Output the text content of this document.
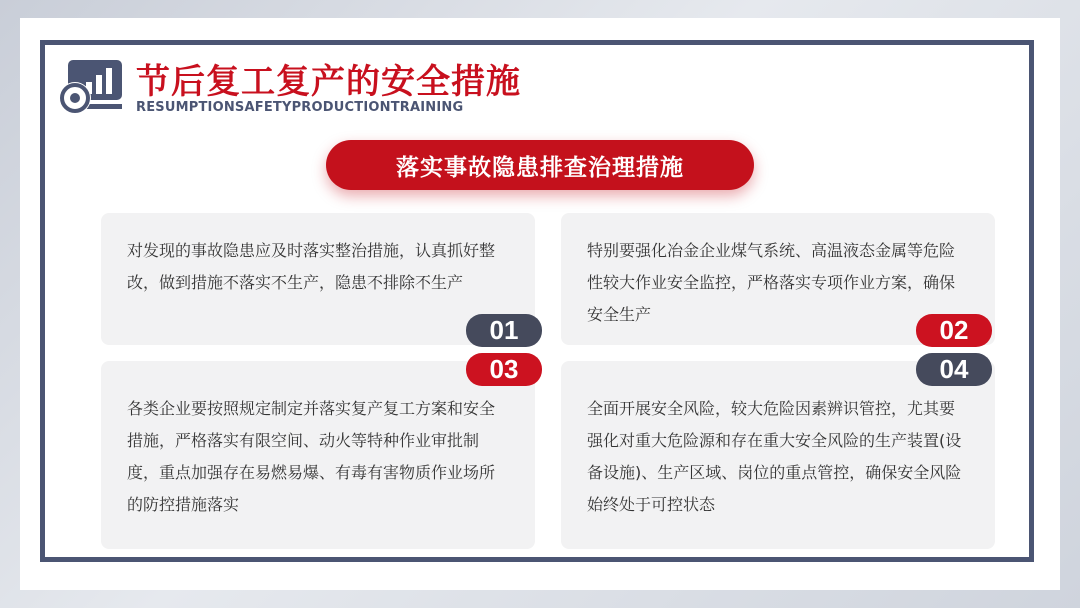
节后复工复产的安全措施
RESUMPTIONSAFETYPRODUCTIONTRAINING
落实事故隐患排查治理措施

对发现的事故隐患应及时落实整治措施，认真抓好整改，做到措施不落实不生产，隐患不排除不生产

特别要强化冶金企业煤气系统、高温液态金属等危险性较大作业安全监控，严格落实专项作业方案，确保安全生产

各类企业要按照规定制定并落实复产复工方案和安全措施，严格落实有限空间、动火等特种作业审批制度，重点加强存在易燃易爆、有毒有害物质作业场所的防控措施落实

全面开展安全风险，较大危险因素辨识管控，尤其要强化对重大危险源和存在重大安全风险的生产装置(设备设施)、生产区域、岗位的重点管控，确保安全风险始终处于可控状态

01	02
03	04
